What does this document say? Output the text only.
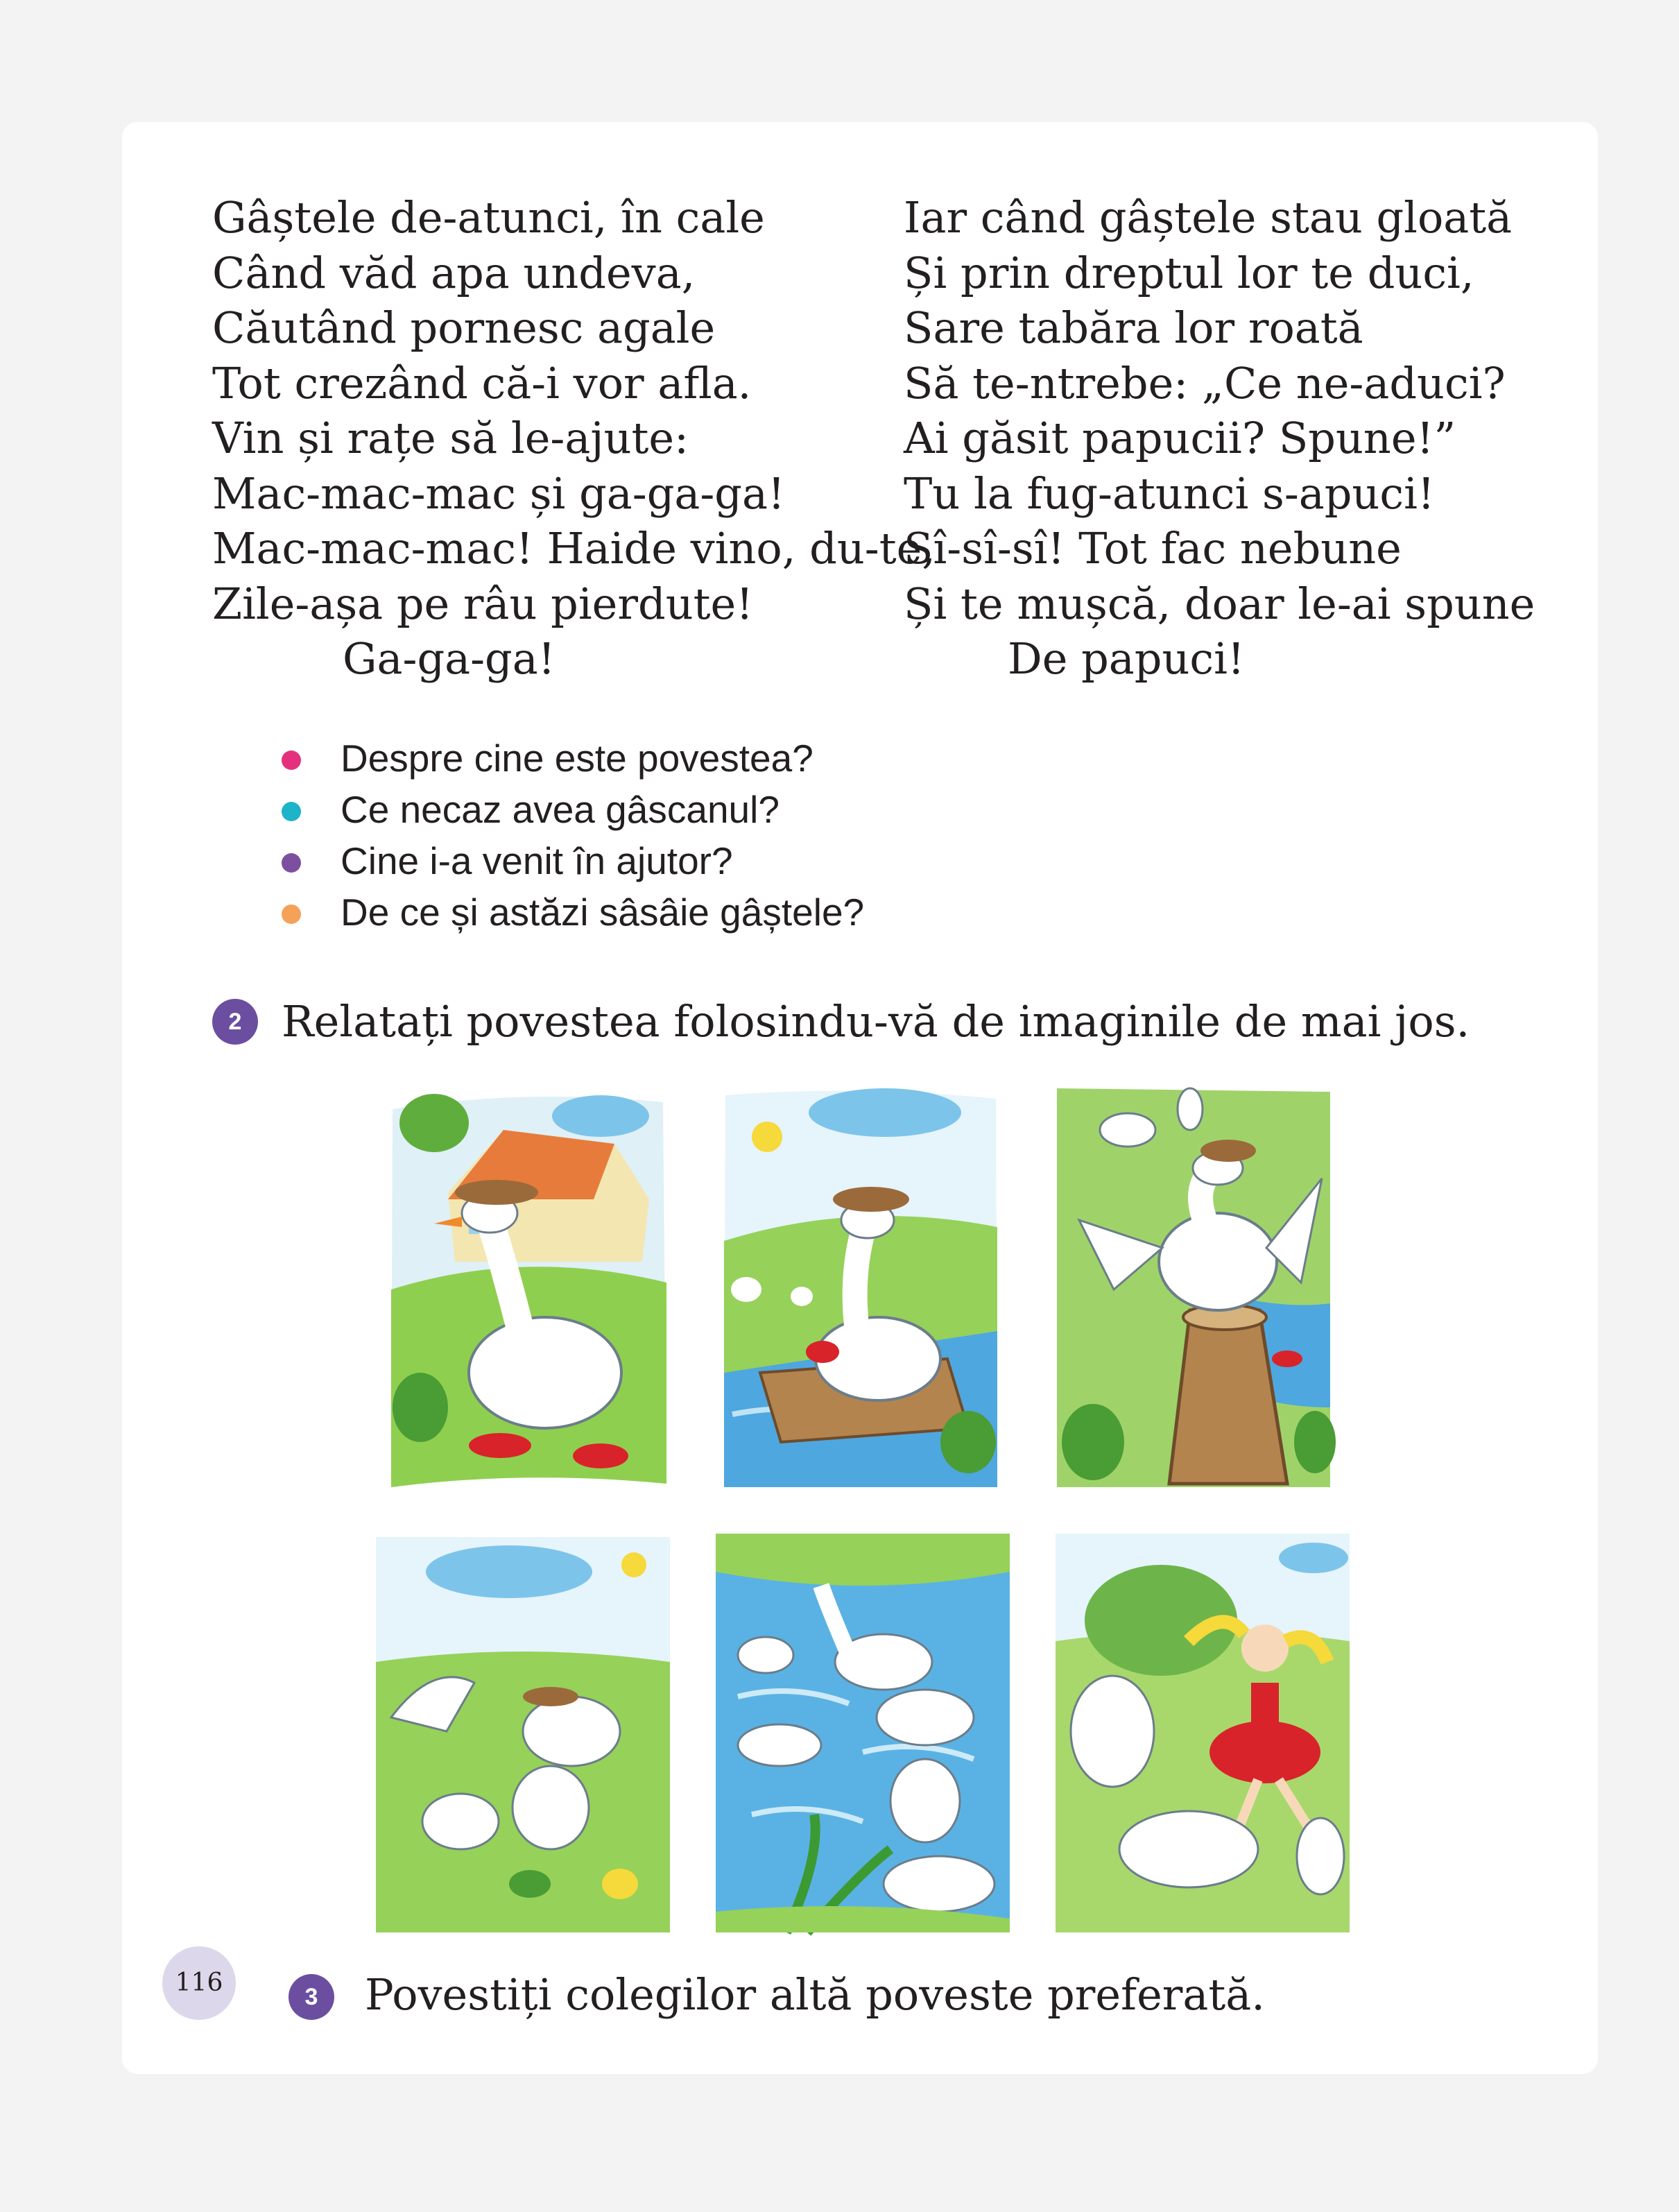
Gâștele de-atunci, în cale
Când văd apa undeva,
Căutând pornesc agale
Tot crezând că-i vor afla.
Vin și rațe să le-ajute:
Mac-mac-mac și ga-ga-ga!
Mac-mac-mac! Haide vino, du-te,
Zile-așa pe râu pierdute!
Ga-ga-ga!
Iar când gâștele stau gloată
Și prin dreptul lor te duci,
Sare tabăra lor roată
Să te-ntrebe: „Ce ne-aduci?
Ai găsit papucii? Spune!”
Tu la fug-atunci s-apuci!
Sî-sî-sî! Tot fac nebune
Și te mușcă, doar le-ai spune
De papuci!
Despre cine este povestea?
Ce necaz avea gâscanul?
Cine i-a venit în ajutor?
De ce și astăzi sâsâie gâștele?
2 Relatați povestea folosindu-vă de imaginile de mai jos.
116	3	Povestiți colegilor altă poveste preferată.
